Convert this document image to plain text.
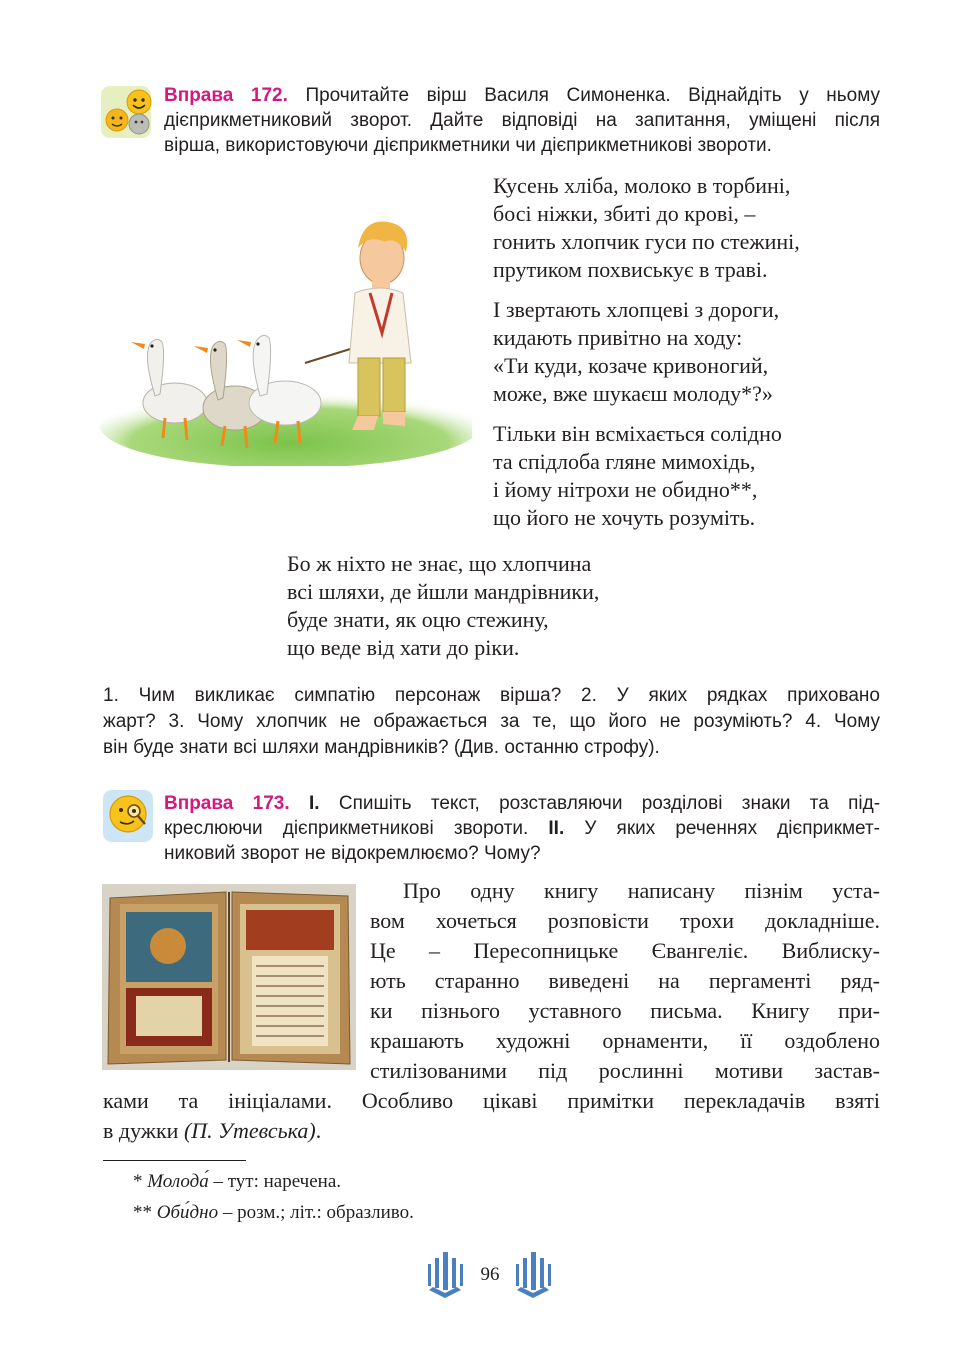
Вправа 172. Прочитайте вірш Василя Симоненка. Віднайдіть у ньому
дієприкметниковий зворот. Дайте відповіді на запитання, уміщені після
вірша, використовуючи дієприкметники чи дієприкметникові звороти.
Кусень хліба, молоко в торбині,
босі ніжки, збиті до крові, –
гонить хлопчик гуси по стежині,
прутиком похвиськує в траві.
І звертають хлопцеві з дороги,
кидають привітно на ходу:
«Ти куди, козаче кривоногий,
може, вже шукаєш молоду*?»
Тільки він всміхається солідно
та спідлоба гляне мимохідь,
і йому нітрохи не обидно**,
що його не хочуть розуміть.
Бо ж ніхто не знає, що хлопчина
всі шляхи, де йшли мандрівники,
буде знати, як оцю стежину,
що веде від хати до ріки.
1. Чим викликає симпатію персонаж вірша? 2. У яких рядках приховано
жарт? 3. Чому хлопчик не ображається за те, що його не розуміють? 4. Чому
він буде знати всі шляхи мандрівників? (Див. останню строфу).
Вправа 173. I. Спишіть текст, розставляючи розділові знаки та під-
креслюючи дієприкметникові звороти. II. У яких реченнях дієприкмет-
никовий зворот не відокремлюємо? Чому?
Про одну книгу написану пізнім уста-
вом хочеться розповісти трохи докладніше.
Це – Пересопницьке Євангеліє. Виблиску-
ють старанно виведені на пергаменті ряд-
ки пізнього уставного письма. Книгу при-
крашають художні орнаменти, її оздоблено
стилізованими під рослинні мотиви застав-
ками та ініціалами. Особливо цікаві примітки перекладачів взяті
в дужки (П. Утевська).
* Молода́ – тут: наречена.
** Оби́дно – розм.; літ.: образливо.
96
